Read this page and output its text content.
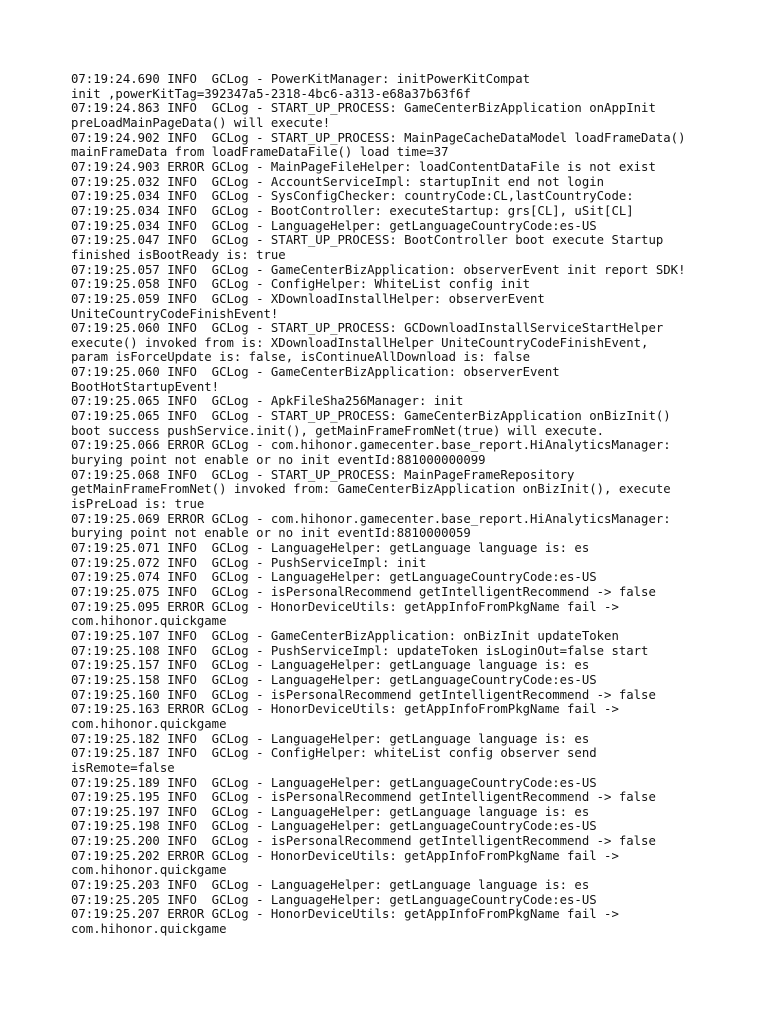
07:19:24.690 INFO  GCLog - PowerKitManager: initPowerKitCompat
init ,powerKitTag=392347a5-2318-4bc6-a313-e68a37b63f6f
07:19:24.863 INFO  GCLog - START_UP_PROCESS: GameCenterBizApplication onAppInit
preLoadMainPageData() will execute!
07:19:24.902 INFO  GCLog - START_UP_PROCESS: MainPageCacheDataModel loadFrameData()
mainFrameData from loadFrameDataFile() load time=37
07:19:24.903 ERROR GCLog - MainPageFileHelper: loadContentDataFile is not exist
07:19:25.032 INFO  GCLog - AccountServiceImpl: startupInit end not login
07:19:25.034 INFO  GCLog - SysConfigChecker: countryCode:CL,lastCountryCode:
07:19:25.034 INFO  GCLog - BootController: executeStartup: grs[CL], uSit[CL]
07:19:25.034 INFO  GCLog - LanguageHelper: getLanguageCountryCode:es-US
07:19:25.047 INFO  GCLog - START_UP_PROCESS: BootController boot execute Startup
finished isBootReady is: true
07:19:25.057 INFO  GCLog - GameCenterBizApplication: observerEvent init report SDK!
07:19:25.058 INFO  GCLog - ConfigHelper: WhiteList config init
07:19:25.059 INFO  GCLog - XDownloadInstallHelper: observerEvent
UniteCountryCodeFinishEvent!
07:19:25.060 INFO  GCLog - START_UP_PROCESS: GCDownloadInstallServiceStartHelper
execute() invoked from is: XDownloadInstallHelper UniteCountryCodeFinishEvent,
param isForceUpdate is: false, isContinueAllDownload is: false
07:19:25.060 INFO  GCLog - GameCenterBizApplication: observerEvent
BootHotStartupEvent!
07:19:25.065 INFO  GCLog - ApkFileSha256Manager: init
07:19:25.065 INFO  GCLog - START_UP_PROCESS: GameCenterBizApplication onBizInit()
boot success pushService.init(), getMainFrameFromNet(true) will execute.
07:19:25.066 ERROR GCLog - com.hihonor.gamecenter.base_report.HiAnalyticsManager:
burying point not enable or no init eventId:881000000099
07:19:25.068 INFO  GCLog - START_UP_PROCESS: MainPageFrameRepository
getMainFrameFromNet() invoked from: GameCenterBizApplication onBizInit(), execute
isPreLoad is: true
07:19:25.069 ERROR GCLog - com.hihonor.gamecenter.base_report.HiAnalyticsManager:
burying point not enable or no init eventId:8810000059
07:19:25.071 INFO  GCLog - LanguageHelper: getLanguage language is: es
07:19:25.072 INFO  GCLog - PushServiceImpl: init
07:19:25.074 INFO  GCLog - LanguageHelper: getLanguageCountryCode:es-US
07:19:25.075 INFO  GCLog - isPersonalRecommend getIntelligentRecommend -> false
07:19:25.095 ERROR GCLog - HonorDeviceUtils: getAppInfoFromPkgName fail ->
com.hihonor.quickgame
07:19:25.107 INFO  GCLog - GameCenterBizApplication: onBizInit updateToken
07:19:25.108 INFO  GCLog - PushServiceImpl: updateToken isLoginOut=false start
07:19:25.157 INFO  GCLog - LanguageHelper: getLanguage language is: es
07:19:25.158 INFO  GCLog - LanguageHelper: getLanguageCountryCode:es-US
07:19:25.160 INFO  GCLog - isPersonalRecommend getIntelligentRecommend -> false
07:19:25.163 ERROR GCLog - HonorDeviceUtils: getAppInfoFromPkgName fail ->
com.hihonor.quickgame
07:19:25.182 INFO  GCLog - LanguageHelper: getLanguage language is: es
07:19:25.187 INFO  GCLog - ConfigHelper: whiteList config observer send
isRemote=false
07:19:25.189 INFO  GCLog - LanguageHelper: getLanguageCountryCode:es-US
07:19:25.195 INFO  GCLog - isPersonalRecommend getIntelligentRecommend -> false
07:19:25.197 INFO  GCLog - LanguageHelper: getLanguage language is: es
07:19:25.198 INFO  GCLog - LanguageHelper: getLanguageCountryCode:es-US
07:19:25.200 INFO  GCLog - isPersonalRecommend getIntelligentRecommend -> false
07:19:25.202 ERROR GCLog - HonorDeviceUtils: getAppInfoFromPkgName fail ->
com.hihonor.quickgame
07:19:25.203 INFO  GCLog - LanguageHelper: getLanguage language is: es
07:19:25.205 INFO  GCLog - LanguageHelper: getLanguageCountryCode:es-US
07:19:25.207 ERROR GCLog - HonorDeviceUtils: getAppInfoFromPkgName fail ->
com.hihonor.quickgame
